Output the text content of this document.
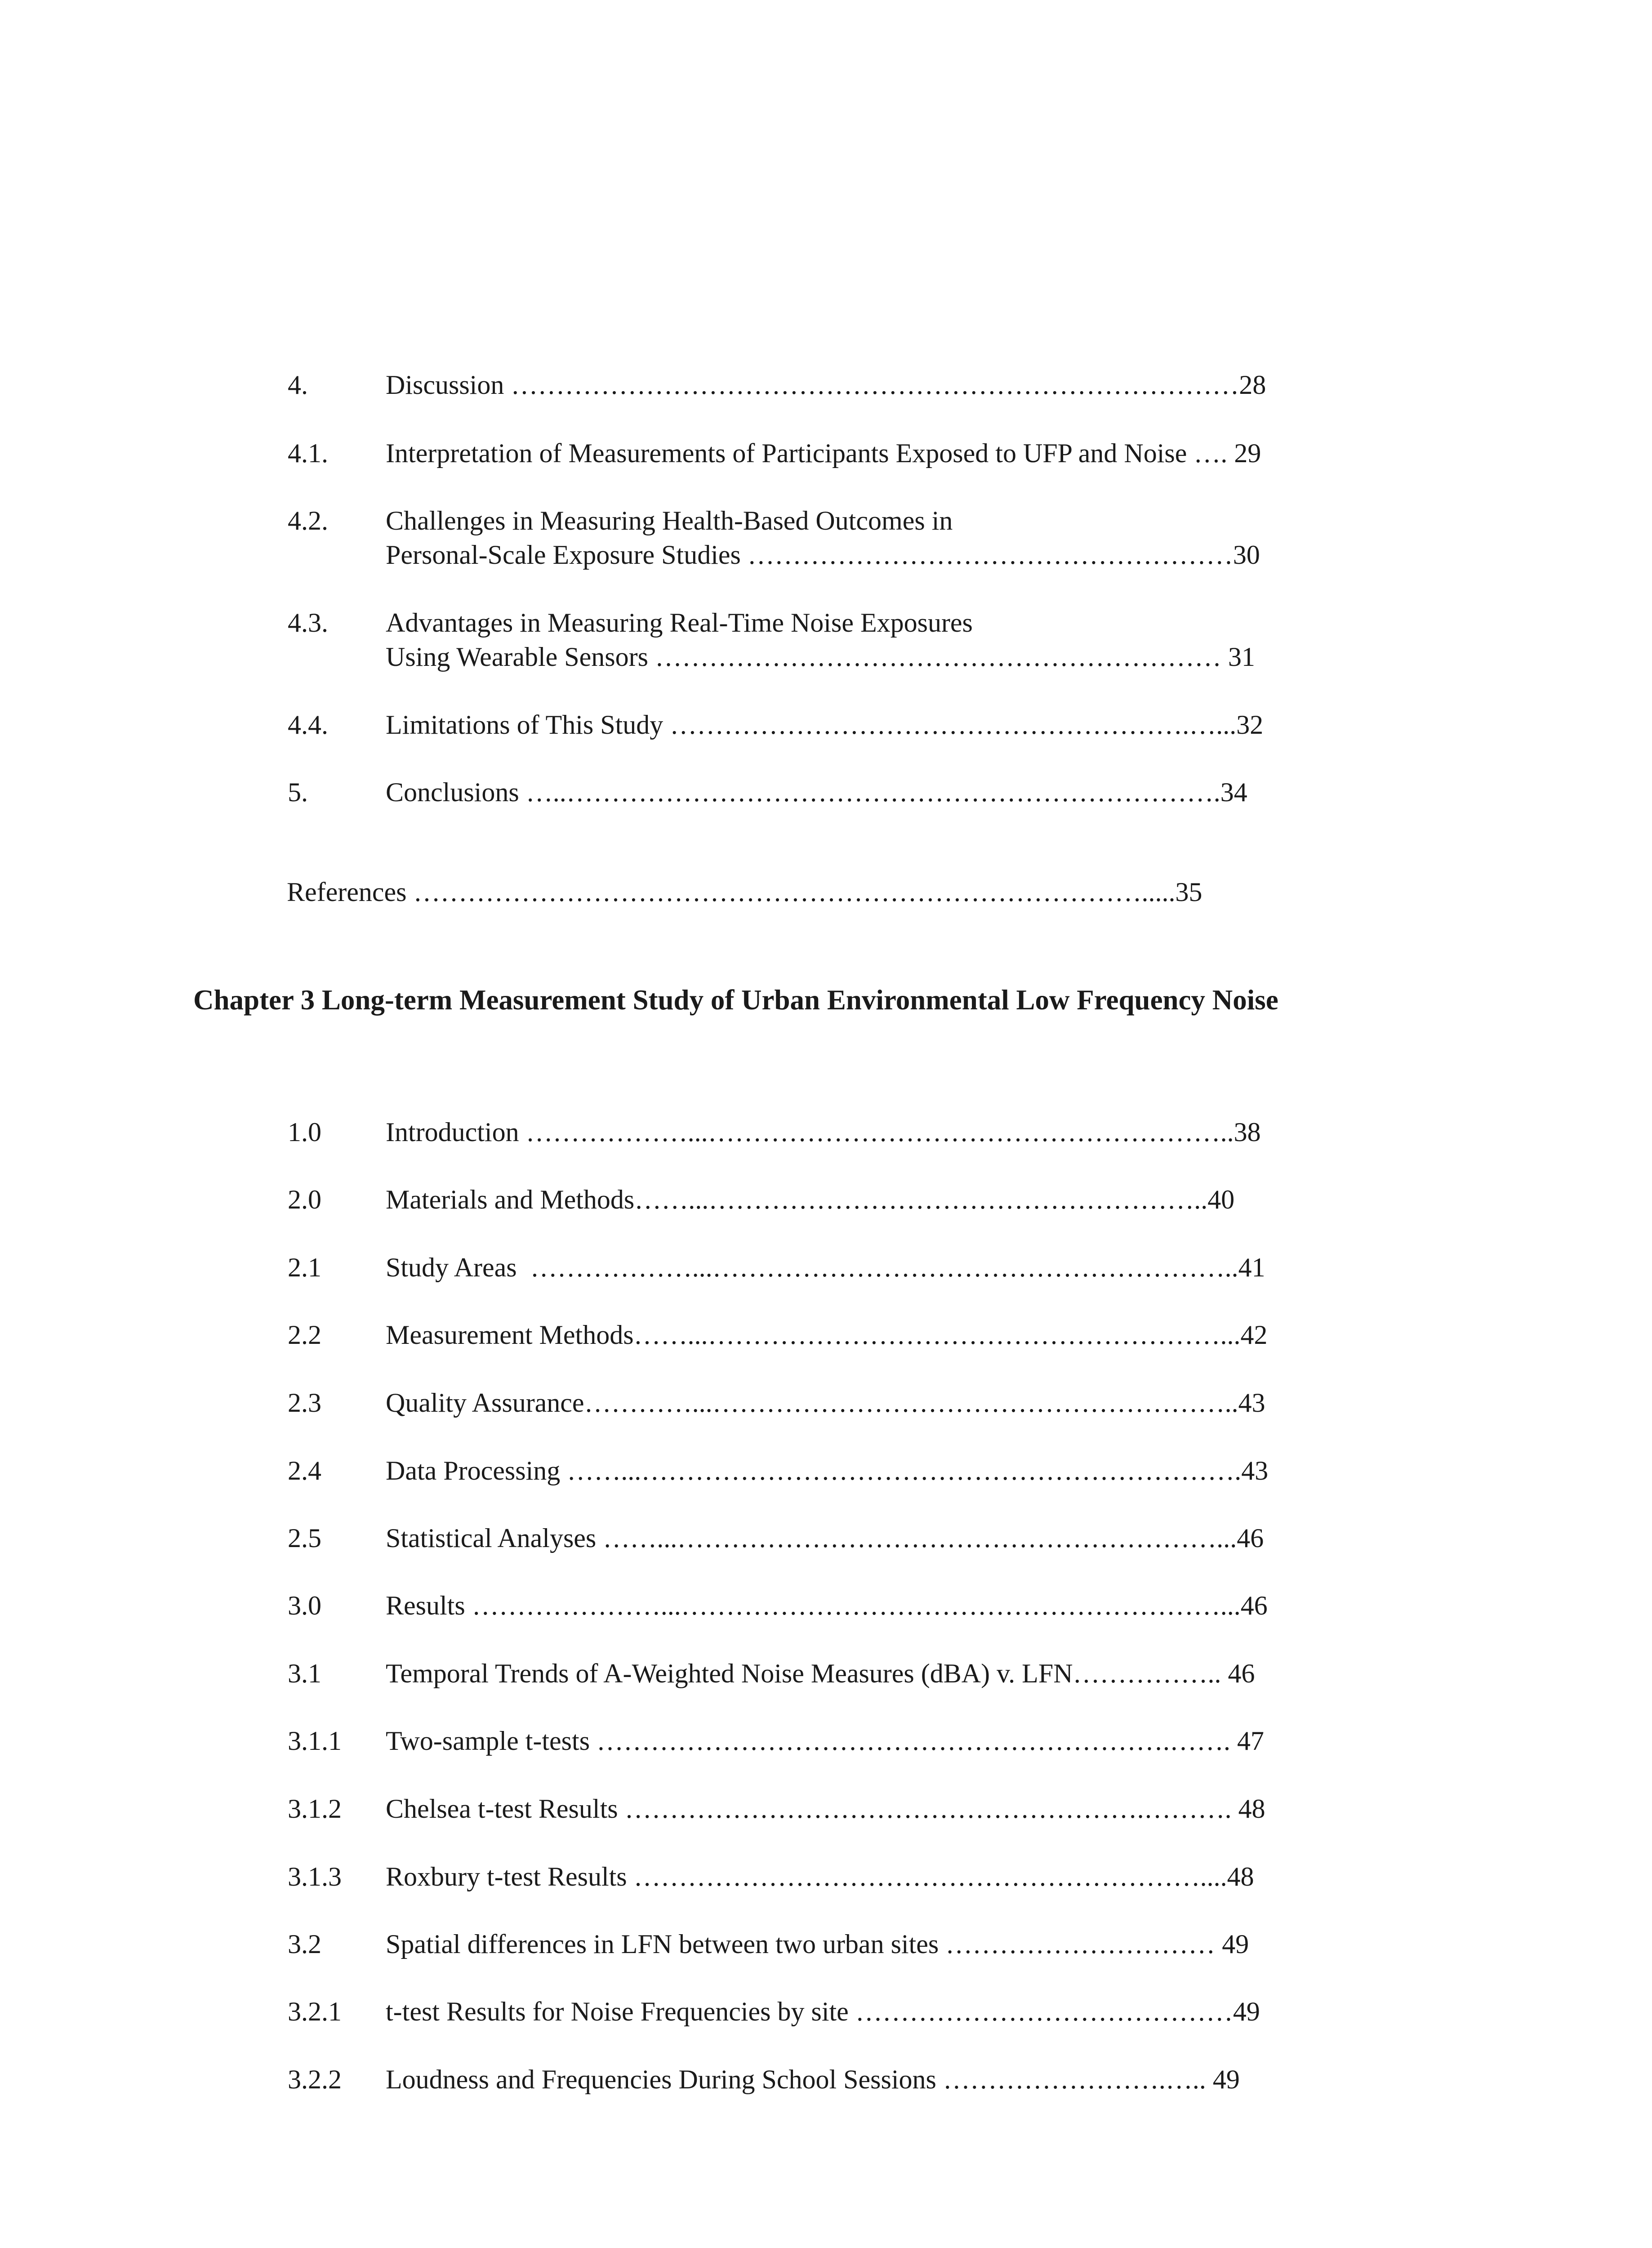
4.	Discussion ………………………………………………………………………28
4.1. Interpretation of Measurements of Participants Exposed to UFP and Noise …. 29
4.2. Challenges in Measuring Health-Based Outcomes in
Personal-Scale Exposure Studies ………………………………………………30
4.3. Advantages in Measuring Real-Time Noise Exposures
Using Wearable Sensors ……………………………………………………… 31
4.4. Limitations of This Study ………………………………………………….…...32
5.	Conclusions …..……………………………………………………………….34
References ……………………………………………………………………….....35
Chapter 3 Long-term Measurement Study of Urban Environmental Low Frequency Noise
1.0 Introduction ………………...…………………………………………………..38
2.0 Materials and Methods……...………………………………………………..40
2.1 Study Areas  ………………...…………………………………………………..41
2.2 Measurement Methods……...…………………………………………………...42
2.3 Quality Assurance…………...…………………………………………………..43
2.4 Data Processing ……...………………………………………………………….43
2.5 Statistical Analyses ……...……………………………………………………...46
3.0 Results …………………...……………………………………………………...46
3.1 Temporal Trends of A-Weighted Noise Measures (dBA) v. LFN…………….. 46
3.1.1 Two-sample t-tests ……………………………………………………….……. 47
3.1.2 Chelsea t-test Results ………………………………………………….………. 48
3.1.3 Roxbury t-test Results ………………………………………………………....48
3.2 Spatial differences in LFN between two urban sites ………………………… 49
3.2.1 t-test Results for Noise Frequencies by site ……………………………………49
3.2.2 Loudness and Frequencies During School Sessions …………………….….. 49
